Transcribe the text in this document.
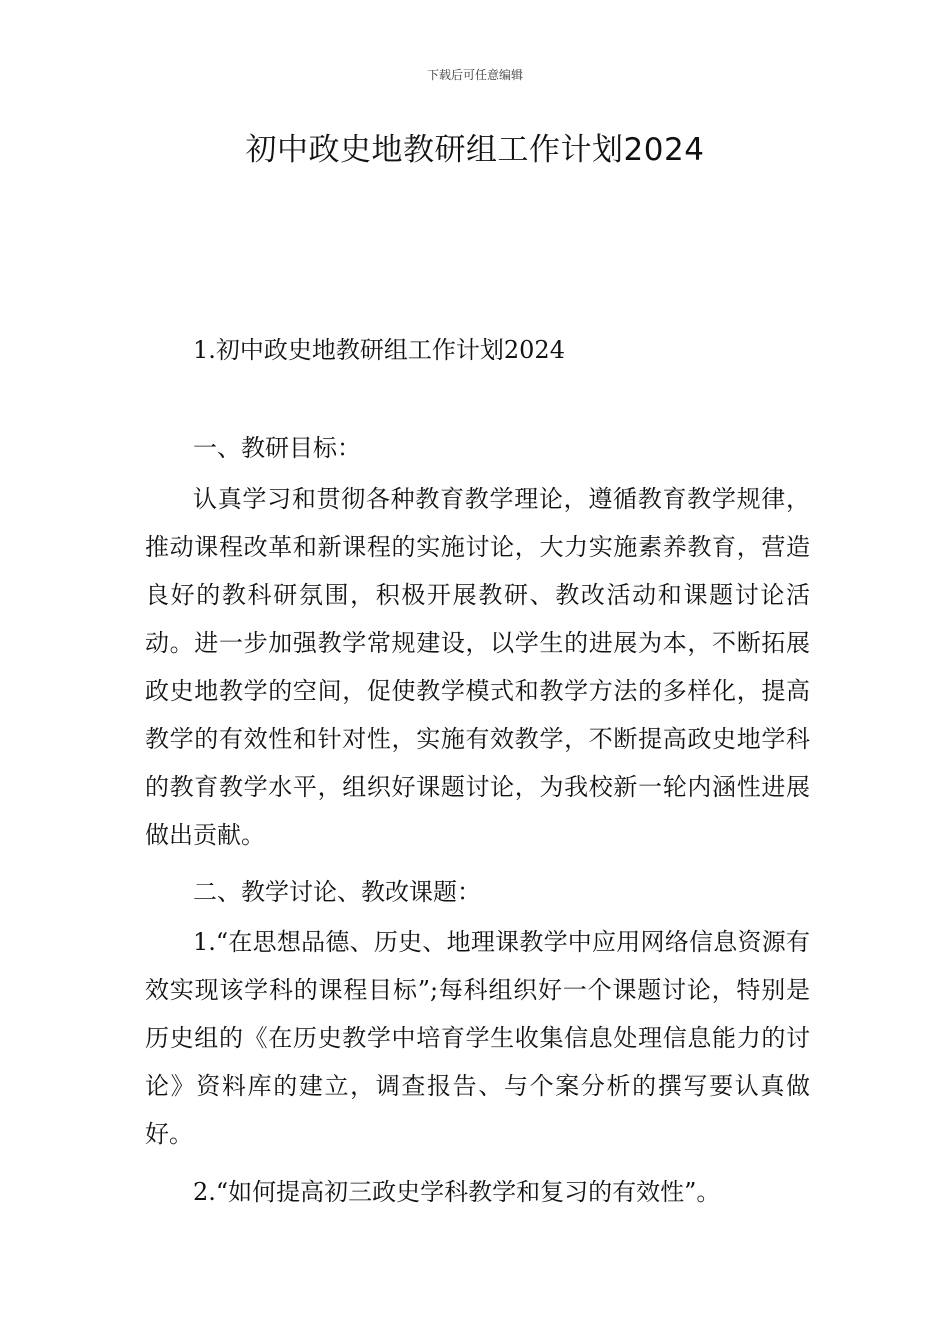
下载后可任意编辑
初中政史地教研组工作计划2024

1.初中政史地教研组工作计划2024

一、教研目标：

认真学习和贯彻各种教育教学理论，遵循教育教学规律，推动课程改革和新课程的实施讨论，大力实施素养教育，营造良好的教科研氛围，积极开展教研、教改活动和课题讨论活动。进一步加强教学常规建设，以学生的进展为本，不断拓展政史地教学的空间，促使教学模式和教学方法的多样化，提高教学的有效性和针对性，实施有效教学，不断提高政史地学科的教育教学水平，组织好课题讨论，为我校新一轮内涵性进展做出贡献。

二、教学讨论、教改课题：

1.“在思想品德、历史、地理课教学中应用网络信息资源有效实现该学科的课程目标”;每科组织好一个课题讨论，特别是历史组的《在历史教学中培育学生收集信息处理信息能力的讨论》资料库的建立，调查报告、与个案分析的撰写要认真做好。

2.“如何提高初三政史学科教学和复习的有效性”。
